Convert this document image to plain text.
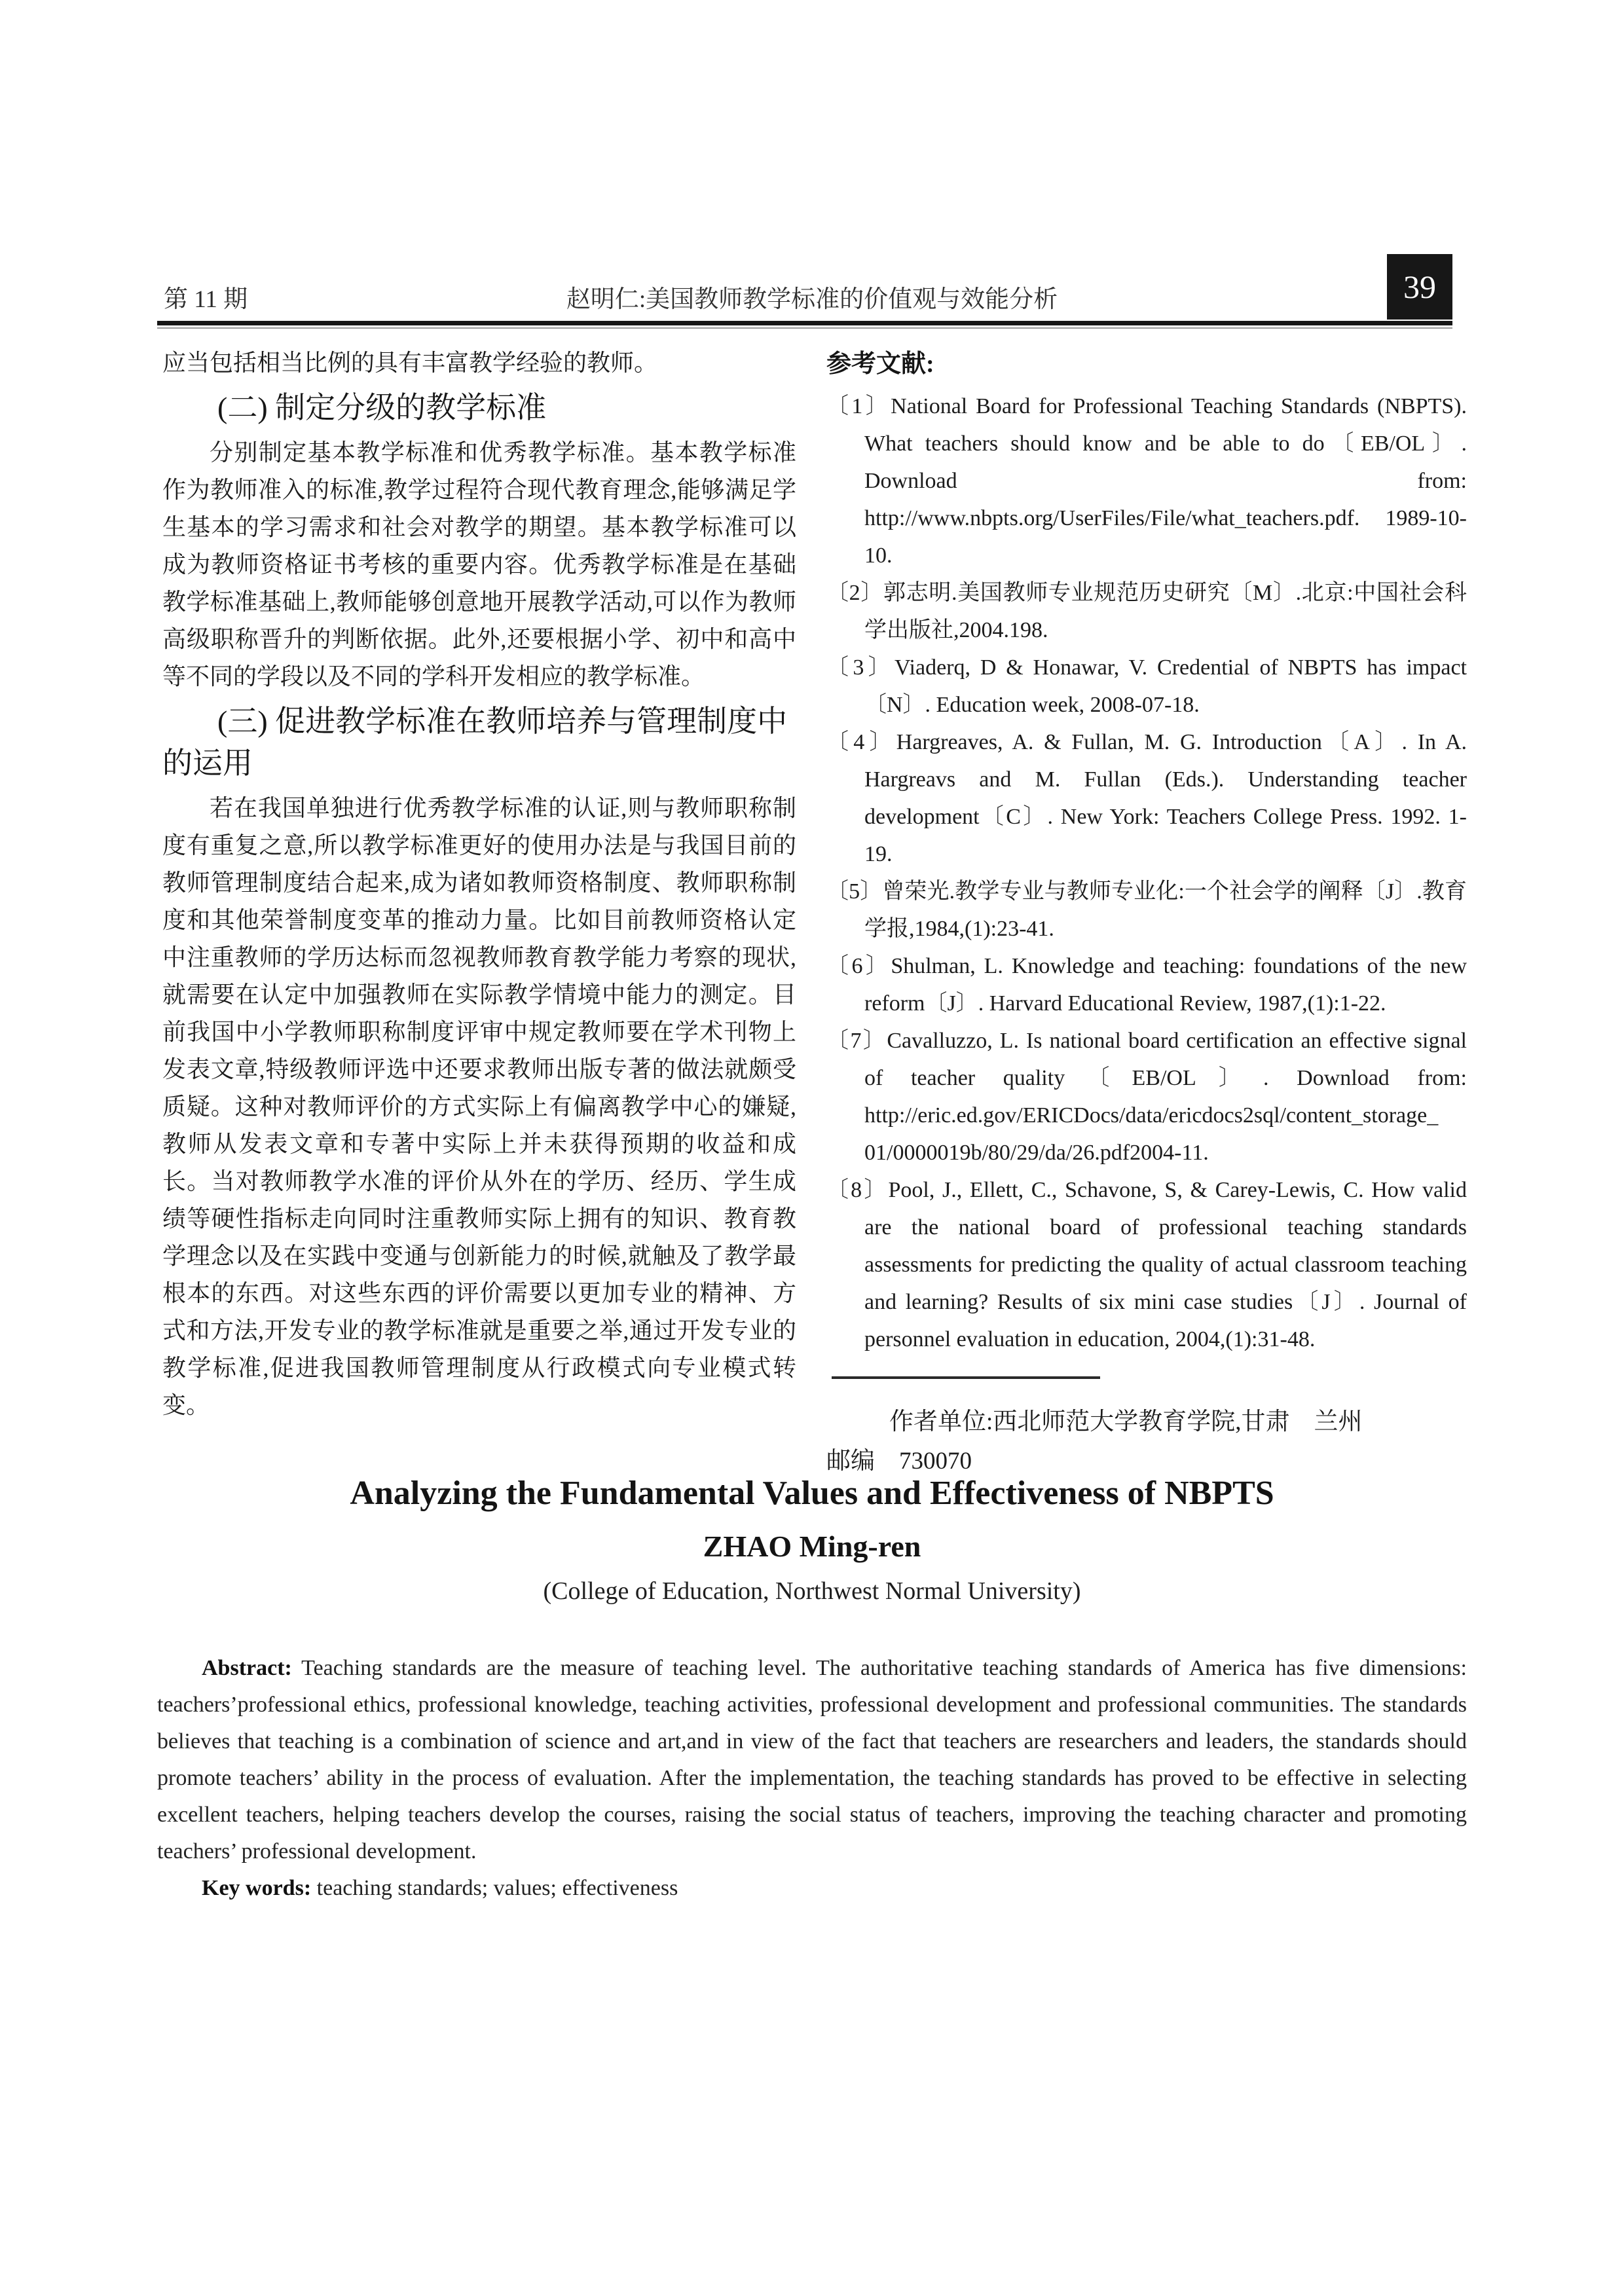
第 11 期	赵明仁:美国教师教学标准的价值观与效能分析	39

应当包括相当比例的具有丰富教学经验的教师。

(二) 制定分级的教学标准

分别制定基本教学标准和优秀教学标准。基本教学标准作为教师准入的标准,教学过程符合现代教育理念,能够满足学生基本的学习需求和社会对教学的期望。基本教学标准可以成为教师资格证书考核的重要内容。优秀教学标准是在基础教学标准基础上,教师能够创意地开展教学活动,可以作为教师高级职称晋升的判断依据。此外,还要根据小学、初中和高中等不同的学段以及不同的学科开发相应的教学标准。

(三) 促进教学标准在教师培养与管理制度中的运用

若在我国单独进行优秀教学标准的认证,则与教师职称制度有重复之意,所以教学标准更好的使用办法是与我国目前的教师管理制度结合起来,成为诸如教师资格制度、教师职称制度和其他荣誉制度变革的推动力量。比如目前教师资格认定中注重教师的学历达标而忽视教师教育教学能力考察的现状,就需要在认定中加强教师在实际教学情境中能力的测定。目前我国中小学教师职称制度评审中规定教师要在学术刊物上发表文章,特级教师评选中还要求教师出版专著的做法就颇受质疑。这种对教师评价的方式实际上有偏离教学中心的嫌疑,教师从发表文章和专著中实际上并未获得预期的收益和成长。当对教师教学水准的评价从外在的学历、经历、学生成绩等硬性指标走向同时注重教师实际上拥有的知识、教育教学理念以及在实践中变通与创新能力的时候,就触及了教学最根本的东西。对这些东西的评价需要以更加专业的精神、方式和方法,开发专业的教学标准就是重要之举,通过开发专业的教学标准,促进我国教师管理制度从行政模式向专业模式转变。

参考文献:
〔1〕National Board for Professional Teaching Standards (NBPTS). What teachers should know and be able to do〔EB/OL〕. Download from: http://www.nbpts.org/UserFiles/File/what_teachers.pdf. 1989-10-10.
〔2〕郭志明.美国教师专业规范历史研究〔M〕.北京:中国社会科学出版社,2004.198.
〔3〕Viaderq, D & Honawar, V. Credential of NBPTS has impact〔N〕. Education week, 2008-07-18.
〔4〕Hargreaves, A. & Fullan, M. G. Introduction〔A〕. In A. Hargreavs and M. Fullan (Eds.). Understanding teacher development〔C〕. New York: Teachers College Press. 1992. 1-19.
〔5〕曾荣光.教学专业与教师专业化:一个社会学的阐释〔J〕.教育学报,1984,(1):23-41.
〔6〕Shulman, L. Knowledge and teaching: foundations of the new reform〔J〕. Harvard Educational Review, 1987,(1):1-22.
〔7〕Cavalluzzo, L. Is national board certification an effective signal of teacher quality〔EB/OL〕. Download from: http://eric.ed.gov/ERICDocs/data/ericdocs2sql/content_storage_ 01/0000019b/80/29/da/26.pdf2004-11.
〔8〕Pool, J., Ellett, C., Schavone, S, & Carey-Lewis, C. How valid are the national board of professional teaching standards assessments for predicting the quality of actual classroom teaching and learning? Results of six mini case studies〔J〕. Journal of personnel evaluation in education, 2004,(1):31-48.

作者单位:西北师范大学教育学院,甘肃　兰州

邮编　730070

Analyzing the Fundamental Values and Effectiveness of NBPTS
ZHAO Ming-ren

(College of Education, Northwest Normal University)

Abstract: Teaching standards are the measure of teaching level. The authoritative teaching standards of America has five dimensions: teachers’professional ethics, professional knowledge, teaching activities, professional development and professional communities. The standards believes that teaching is a combination of science and art,and in view of the fact that teachers are researchers and leaders, the standards should promote teachers’ ability in the process of evaluation. After the implementation, the teaching standards has proved to be effective in selecting excellent teachers, helping teachers develop the courses, raising the social status of teachers, improving the teaching character and promoting teachers’ professional development.

Key words: teaching standards; values; effectiveness
